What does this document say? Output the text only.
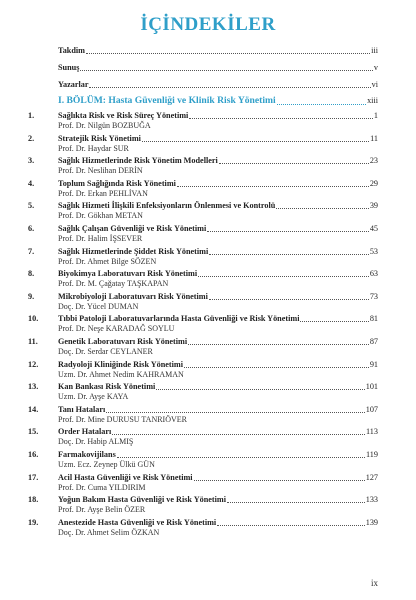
İÇİNDEKİLER
Takdim	iii
Sunuş	v
Yazarlar	vi
I. BÖLÜM: Hasta Güvenliği ve Klinik Risk Yönetimi	xiii
1.	Sağlıkta Risk ve Risk Süreç Yönetimi	1
Prof. Dr. Nilgün BOZBUĞA
2.	Stratejik Risk Yönetimi	11
Prof. Dr. Haydar SUR
3.	Sağlık Hizmetlerinde Risk Yönetim Modelleri	23
Prof. Dr. Neslihan DERİN
4.	Toplum Sağlığında Risk Yönetimi	29
Prof. Dr. Erkan PEHLİVAN
5.	Sağlık Hizmeti İlişkili Enfeksiyonların Önlenmesi ve Kontrolü	39
Prof. Dr. Gökhan METAN
6.	Sağlık Çalışan Güvenliği ve Risk Yönetimi	45
Prof. Dr. Halim İŞSEVER
7.	Sağlık Hizmetlerinde Şiddet Risk Yönetimi	53
Prof. Dr. Ahmet Bilge SÖZEN
8.	Biyokimya Laboratuvarı Risk Yönetimi	63
Prof. Dr. M. Çağatay TAŞKAPAN
9.	Mikrobiyoloji Laboratuvarı Risk Yönetimi	73
Doç. Dr. Yücel DUMAN
10. Tıbbi Patoloji Laboratuvarlarında Hasta Güvenliği ve Risk Yönetimi	81
Prof. Dr. Neşe KARADAĞ SOYLU
11. Genetik Laboratuvarı Risk Yönetimi	87
Doç. Dr. Serdar CEYLANER
12. Radyoloji Kliniğinde Risk Yönetimi	91
Uzm. Dr. Ahmet Nedim KAHRAMAN
13. Kan Bankası Risk Yönetimi	101
Uzm. Dr. Ayşe KAYA
14. Tanı Hataları	107
Prof. Dr. Mine DURUSU TANRIÖVER
15. Order Hataları	113
Doç. Dr. Habip ALMIŞ
16. Farmakovijilans	119
Uzm. Ecz. Zeynep Ülkü GÜN
17. Acil Hasta Güvenliği ve Risk Yönetimi	127
Prof. Dr. Cuma YILDIRIM
18. Yoğun Bakım Hasta Güvenliği ve Risk Yönetimi	133
Prof. Dr. Ayşe Belin ÖZER
19. Anestezide Hasta Güvenliği ve Risk Yönetimi	139
Doç. Dr. Ahmet Selim ÖZKAN
ix
